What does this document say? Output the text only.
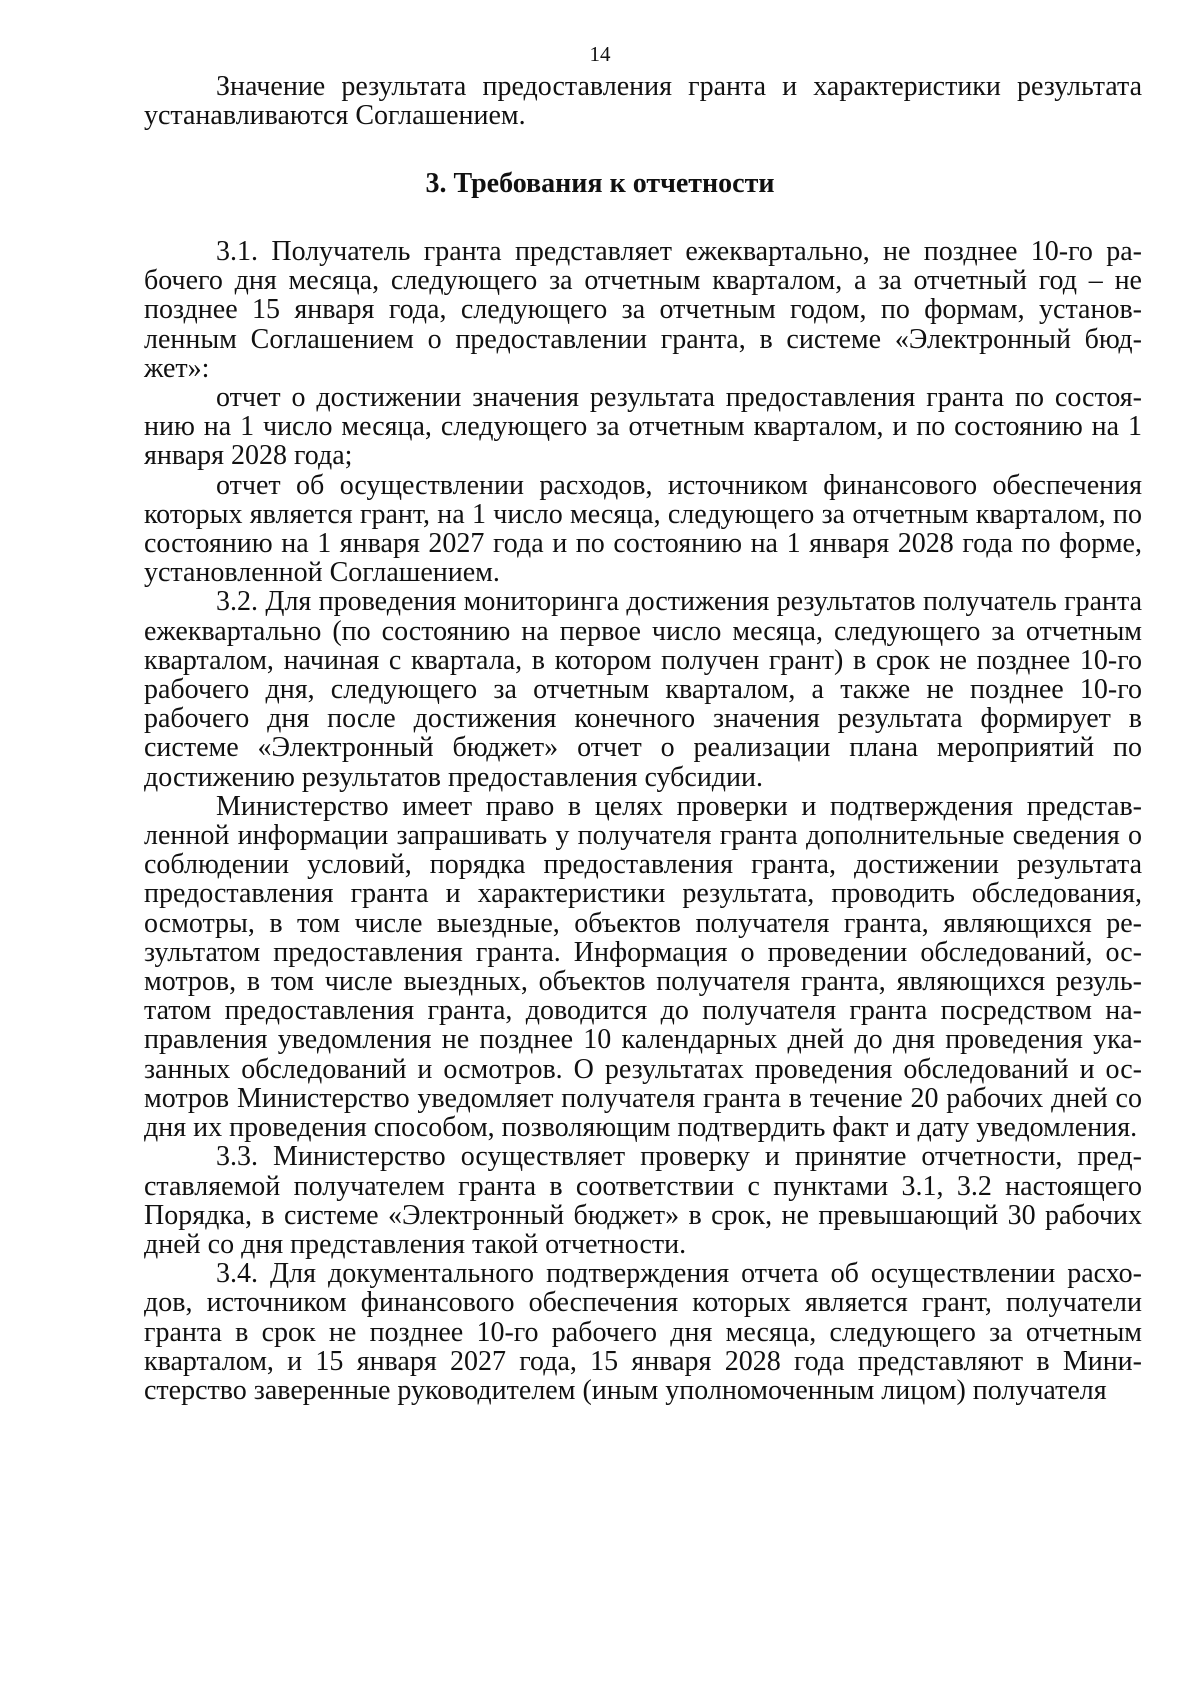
14

Значение результата предоставления гранта и характеристики результата устанавливаются Соглашением.

3. Требования к отчетности

3.1. Получатель гранта представляет ежеквартально, не позднее 10-го рабочего дня месяца, следующего за отчетным кварталом, а за отчетный год – не позднее 15 января года, следующего за отчетным годом, по формам, установленным Соглашением о предоставлении гранта, в системе «Электронный бюджет»:

отчет о достижении значения результата предоставления гранта по состоянию на 1 число месяца, следующего за отчетным кварталом, и по состоянию на 1 января 2028 года;

отчет об осуществлении расходов, источником финансового обеспечения которых является грант, на 1 число месяца, следующего за отчетным кварталом, по состоянию на 1 января 2027 года и по состоянию на 1 января 2028 года по форме, установленной Соглашением.

3.2. Для проведения мониторинга достижения результатов получатель гранта ежеквартально (по состоянию на первое число месяца, следующего за отчетным кварталом, начиная с квартала, в котором получен грант) в срок не позднее 10-го рабочего дня, следующего за отчетным кварталом, а также не позднее 10-го рабочего дня после достижения конечного значения результата формирует в системе «Электронный бюджет» отчет о реализации плана мероприятий по достижению результатов предоставления субсидии.

Министерство имеет право в целях проверки и подтверждения представленной информации запрашивать у получателя гранта дополнительные сведения о соблюдении условий, порядка предоставления гранта, достижении результата предоставления гранта и характеристики результата, проводить обследования, осмотры, в том числе выездные, объектов получателя гранта, являющихся результатом предоставления гранта. Информация о проведении обследований, осмотров, в том числе выездных, объектов получателя гранта, являющихся результатом предоставления гранта, доводится до получателя гранта посредством направления уведомления не позднее 10 календарных дней до дня проведения указанных обследований и осмотров. О результатах проведения обследований и осмотров Министерство уведомляет получателя гранта в течение 20 рабочих дней со дня их проведения способом, позволяющим подтвердить факт и дату уведомления.

3.3. Министерство осуществляет проверку и принятие отчетности, представляемой получателем гранта в соответствии с пунктами 3.1, 3.2 настоящего Порядка, в системе «Электронный бюджет» в срок, не превышающий 30 рабочих дней со дня представления такой отчетности.

3.4. Для документального подтверждения отчета об осуществлении расходов, источником финансового обеспечения которых является грант, получатели гранта в срок не позднее 10-го рабочего дня месяца, следующего за отчетным кварталом, и 15 января 2027 года, 15 января 2028 года представляют в Министерство заверенные руководителем (иным уполномоченным лицом) получателя
